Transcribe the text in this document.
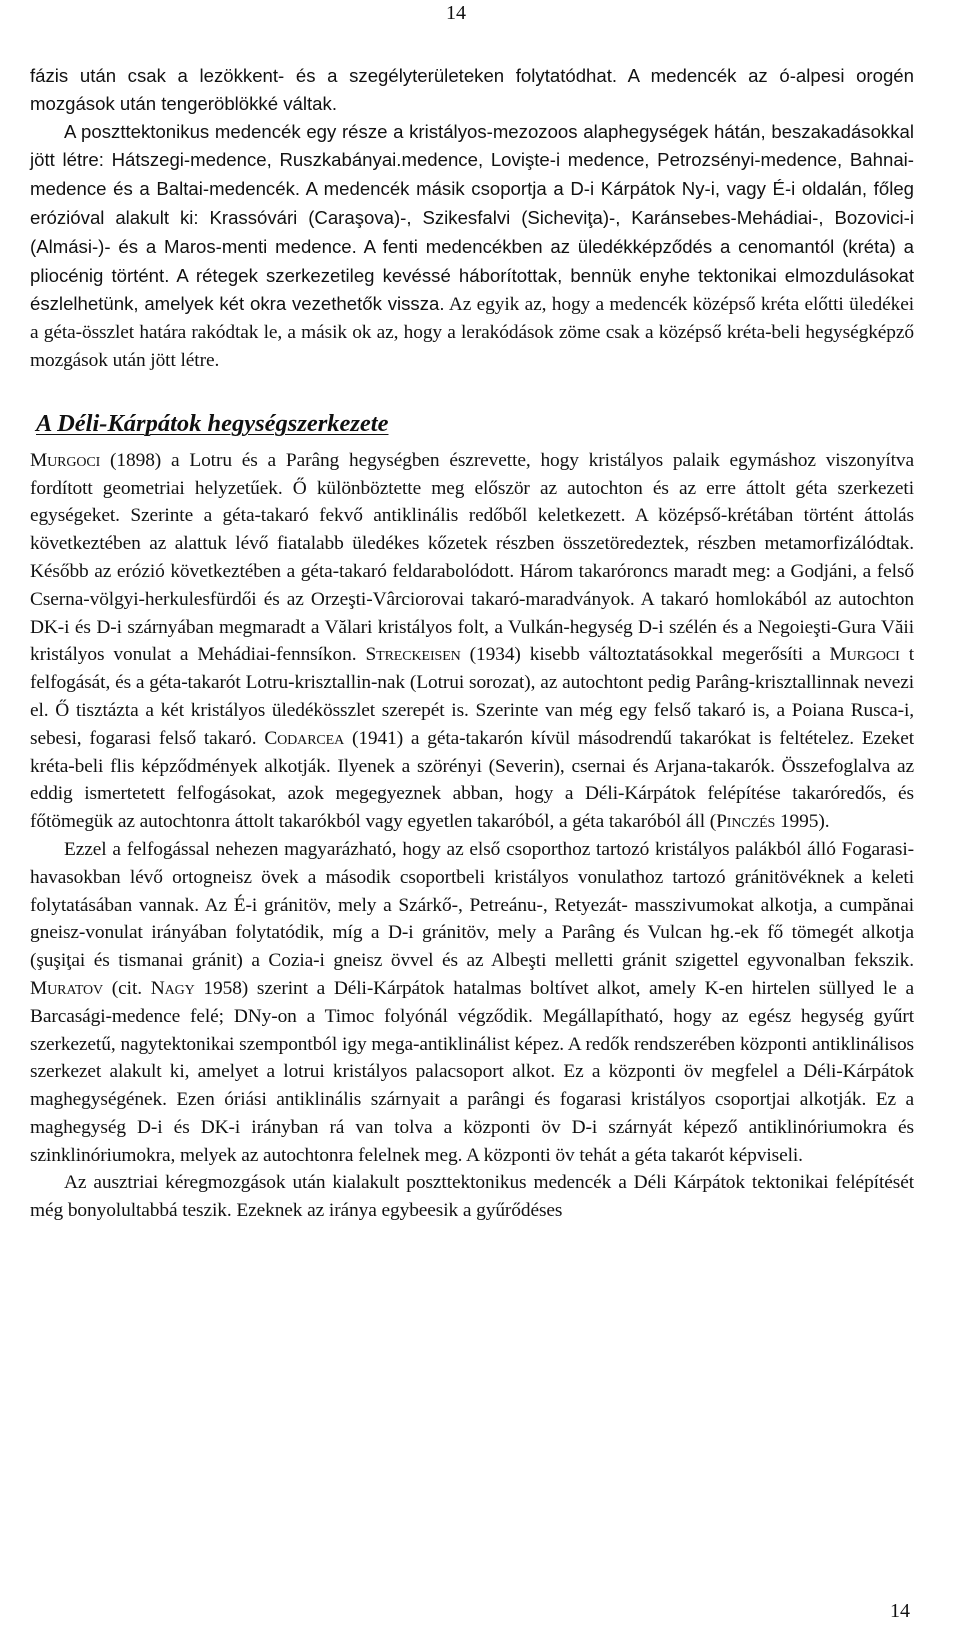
14

fázis után csak a lezökkent- és a szegélyterületeken folytatódhat. A medencék az ó-alpesi orogén mozgások után tengeröblökké váltak.

A poszttektonikus medencék egy része a kristályos-mezozoos alaphegységek hátán, beszakadásokkal jött létre: Hátszegi-medence, Ruszkabányai.medence, Lovişte-i medence, Petrozsényi-medence, Bahnai-medence és a Baltai-medencék. A medencék másik csoportja a D-i Kárpátok Ny-i, vagy É-i oldalán, főleg erózióval alakult ki: Krassóvári (Caraşova)-, Szikesfalvi (Sicheviţa)-, Karánsebes-Mehádiai-, Bozovici-i (Almási-)- és a Maros-menti medence. A fenti medencékben az üledékképződés a cenomantól (kréta) a pliocénig történt. A rétegek szerkezetileg kevéssé háborítottak, bennük enyhe tektonikai elmozdulásokat észlelhetünk, amelyek két okra vezethetők vissza. Az egyik az, hogy a medencék középső kréta előtti üledékei a géta-összlet határa rakódtak le, a másik ok az, hogy a lerakódások zöme csak a középső kréta-beli hegységképző mozgások után jött létre.

A Déli-Kárpátok hegységszerkezete

Murgoci (1898) a Lotru és a Parâng hegységben észrevette, hogy kristályos palaik egymáshoz viszonyítva fordított geometriai helyzetűek. Ő különböztette meg először az autochton és az erre áttolt géta szerkezeti egységeket. Szerinte a géta-takaró fekvő antiklinális redőből keletkezett. A középső-krétában történt áttolás következtében az alattuk lévő fiatalabb üledékes kőzetek részben összetöredeztek, részben metamorfizálódtak. Később az erózió következtében a géta-takaró feldarabolódott. Három takaróroncs maradt meg: a Godjáni, a felső Cserna-völgyi-herkulesfürdői és az Orzeşti-Vârciorovai takaró-maradványok. A takaró homlokából az autochton DK-i és D-i szárnyában megmaradt a Vălari kristályos folt, a Vulkán-hegység D-i szélén és a Negoieşti-Gura Văii kristályos vonulat a Mehádiai-fennsíkon. Streckeisen (1934) kisebb változtatásokkal megerősíti a Murgoci t felfogását, és a géta-takarót Lotru-krisztallin-nak (Lotrui sorozat), az autochtont pedig Parâng-krisztallinnak nevezi el. Ő tisztázta a két kristályos üledékösszlet szerepét is. Szerinte van még egy felső takaró is, a Poiana Rusca-i, sebesi, fogarasi felső takaró. Codarcea (1941) a géta-takarón kívül másodrendű takarókat is feltételez. Ezeket kréta-beli flis képződmények alkotják. Ilyenek a szörényi (Severin), csernai és Arjana-takarók. Összefoglalva az eddig ismertetett felfogásokat, azok megegyeznek abban, hogy a Déli-Kárpátok felépítése takaróredős, és főtömegük az autochtonra áttolt takarókból vagy egyetlen takaróból, a géta takaróból áll (Pinczés 1995).

Ezzel a felfogással nehezen magyarázható, hogy az első csoporthoz tartozó kristályos palákból álló Fogarasi-havasokban lévő ortogneisz övek a második csoportbeli kristályos vonulathoz tartozó gránitövéknek a keleti folytatásában vannak. Az É-i gránitöv, mely a Szárkő-, Petreánu-, Retyezát- masszivumokat alkotja, a cumpănai gneisz-vonulat irányában folytatódik, míg a D-i gránitöv, mely a Parâng és Vulcan hg.-ek fő tömegét alkotja (şuşiţai és tismanai gránit) a Cozia-i gneisz övvel és az Albeşti melletti gránit szigettel egyvonalban fekszik. Muratov (cit. Nagy 1958) szerint a Déli-Kárpátok hatalmas boltívet alkot, amely K-en hirtelen süllyed le a Barcasági-medence felé; DNy-on a Timoc folyónál végződik. Megállapítható, hogy az egész hegység gyűrt szerkezetű, nagytektonikai szempontból igy mega-antiklinálist képez. A redők rendszerében központi antiklinálisos szerkezet alakult ki, amelyet a lotrui kristályos palacsoport alkot. Ez a központi öv megfelel a Déli-Kárpátok maghegységének. Ezen óriási antiklinális szárnyait a parângi és fogarasi kristályos csoportjai alkotják. Ez a maghegység D-i és DK-i irányban rá van tolva a központi öv D-i szárnyát képező antiklinóriumokra és szinklinóriumokra, melyek az autochtonra felelnek meg. A központi öv tehát a géta takarót képviseli.

Az ausztriai kéregmozgások után kialakult poszttektonikus medencék a Déli Kárpátok tektonikai felépítését még bonyolultabbá teszik. Ezeknek az iránya egybeesik a gyűrődéses

14
